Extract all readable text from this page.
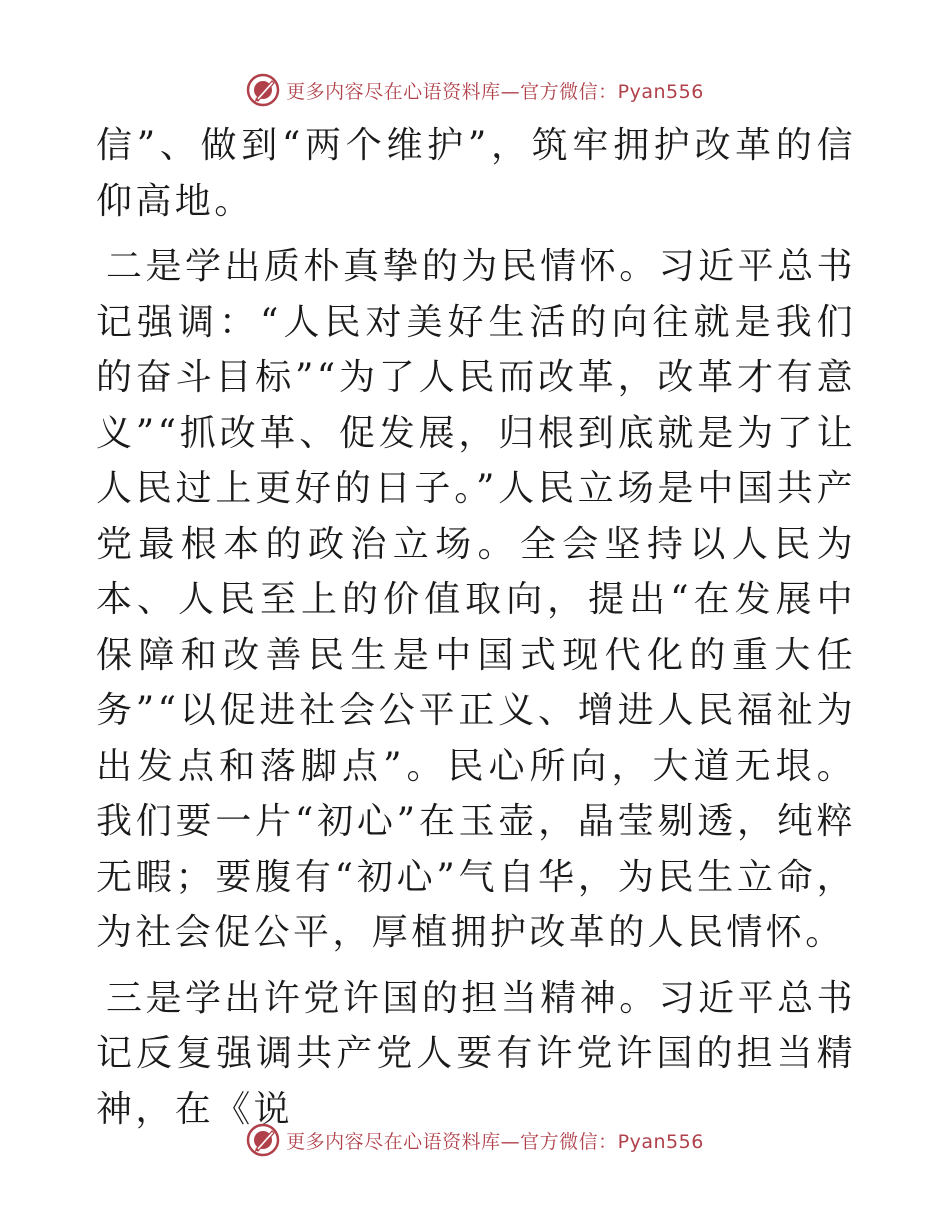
更多内容尽在心语资料库—官方微信：Pyan556

信”、做到“两个维护”，筑牢拥护改革的信仰高地。

二是学出质朴真挚的为民情怀。习近平总书记强调：“人民对美好生活的向往就是我们的奋斗目标”“为了人民而改革，改革才有意义”“抓改革、促发展，归根到底就是为了让人民过上更好的日子。”人民立场是中国共产党最根本的政治立场。全会坚持以人民为本、人民至上的价值取向，提出“在发展中保障和改善民生是中国式现代化的重大任务”“以促进社会公平正义、增进人民福祉为出发点和落脚点”。民心所向，大道无垠。我们要一片“初心”在玉壶，晶莹剔透，纯粹无暇；要腹有“初心”气自华，为民生立命，为社会促公平，厚植拥护改革的人民情怀。

三是学出许党许国的担当精神。习近平总书记反复强调共产党人要有许党许国的担当精神，在《说

更多内容尽在心语资料库—官方微信：Pyan556
